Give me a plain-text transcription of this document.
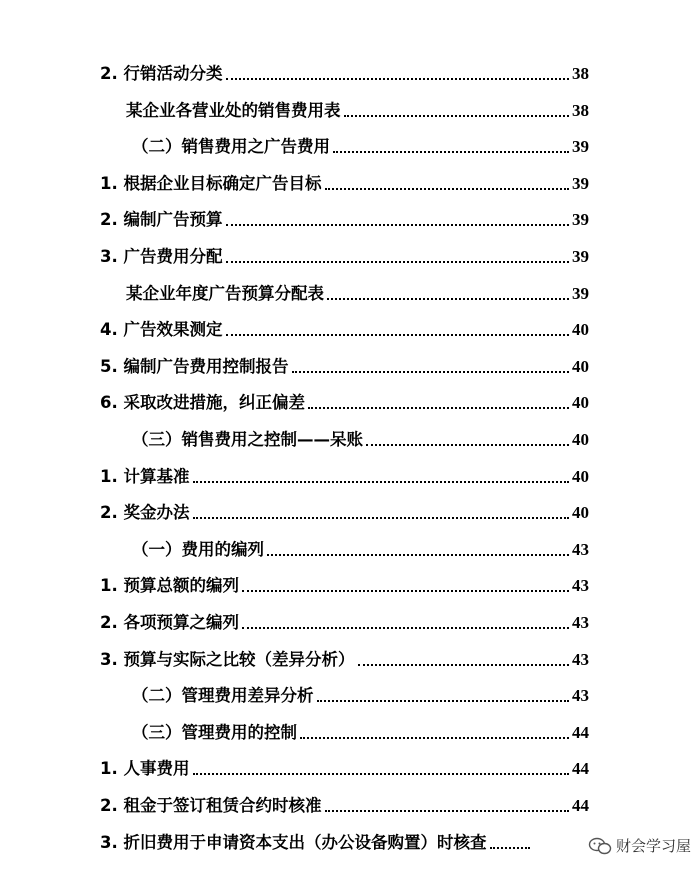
2. 行销活动分类	38
某企业各营业处的销售费用表	38
（二）销售费用之广告费用	39
1. 根据企业目标确定广告目标	39
2. 编制广告预算	39
3. 广告费用分配	39
某企业年度广告预算分配表	39
4. 广告效果测定	40
5. 编制广告费用控制报告	40
6. 采取改进措施，纠正偏差	40
（三）销售费用之控制——呆账	40
1. 计算基准	40
2. 奖金办法	40
（一）费用的编列	43
1. 预算总额的编列	43
2. 各项预算之编列	43
3. 预算与实际之比较（差异分析）	43
（二）管理费用差异分析	43
（三）管理费用的控制	44
1. 人事费用	44
2. 租金于签订租赁合约时核准	44
3. 折旧费用于申请资本支出（办公设备购置）时核查	财会学习屋
